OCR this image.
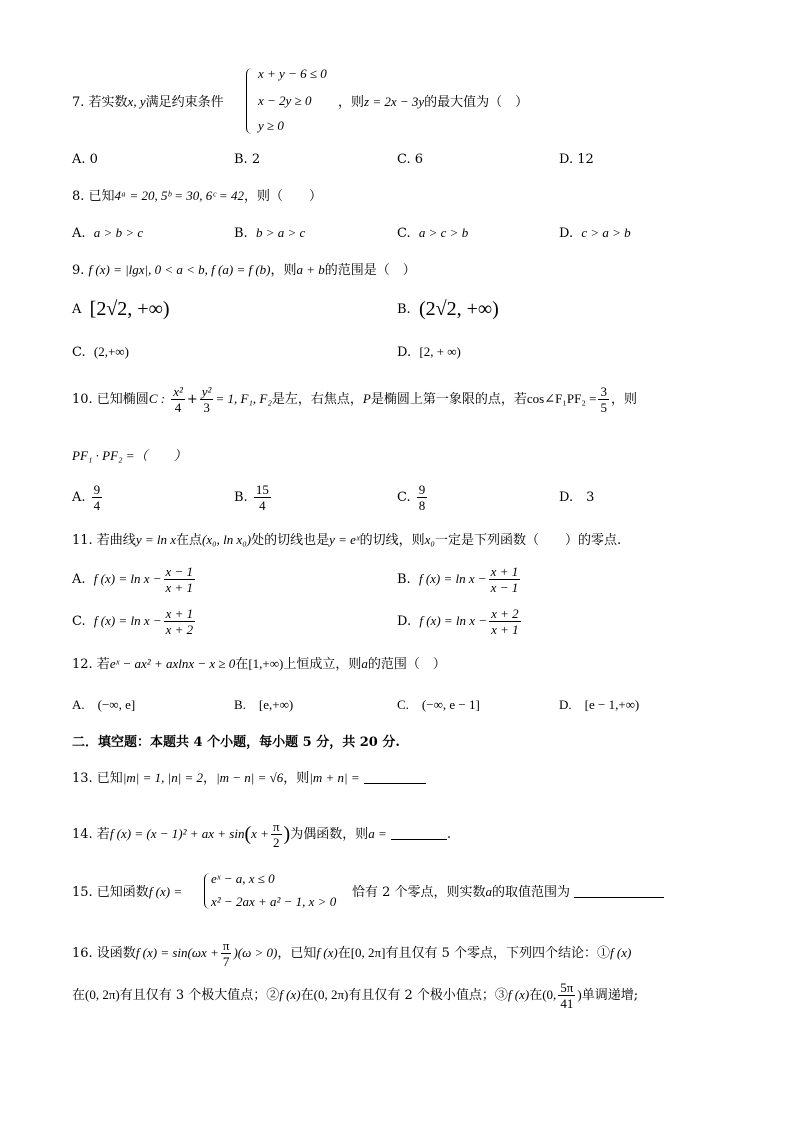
7. 若实数x, y满足约束条件
x + y − 6 ≤ 0
x − 2y ≥ 0
y ≥ 0
，则z = 2x − 3y的最大值为（　）
A. 0	B. 2	C. 6	D. 12
8. 已知4ᵃ = 20, 5ᵇ = 30, 6ᶜ = 42，则（　　）
A. a > b > c	B. b > a > c	C. a > c > b	D. c > a > b
9. f (x) = |lgx|, 0 < a < b, f (a) = f (b)，则a + b的范围是（　）
A [2√2, +∞)	B. (2√2, +∞)
C. (2,+∞)	D. [2, + ∞)
10. 已知椭圆C : $\frac{\text{x²}}{4} + \frac{\text{y²}}{3} = 1$, F₁, F₂是左，右焦点，P是椭圆上第一象限的点，若cos∠F₁PF₂ = $\frac{3}{5}$ ，则
PF₁ · PF₂ =（　　）
A. $\frac{9}{4}$	B. $\frac{15}{4}$	C. $\frac{9}{8}$	D.　3
11. 若曲线y = ln x在点(x₀, ln x₀)处的切线也是y = eˣ的切线，则x₀一定是下列函数（　　）的零点.
A. f $(x) = \ln x - \frac{x - 1}{x + 1}$	B. f $(x) = \ln x - \frac{x + 1}{x - 1}$
C. f $(x) = \ln x - \frac{x + 1}{x + 2}$	D. f $(x) = \ln x - \frac{x + 2}{x + 1}$
12. 若eˣ − ax² + axlnx − x ≥ 0在[1,+∞)上恒成立，则a的范围（　）
A.　(−∞, e]	B.　[e,+∞)	C.　(−∞, e − 1]	D.　[e − 1,+∞)
二．填空题：本题共 4 个小题，每小题 5 分，共 20 分.
13. 已知|m| = 1, |n| = 2，|m − n| = √6，则|m + n| =
14. 若f (x) = (x − 1)² + ax + $\sin(x + \frac{\pi}{2}$ )为偶函数，则a =	.
15. 已知函数f (x) =
eˣ − a, x ≤ 0
x² − 2ax + a² − 1, x > 0
恰有 2 个零点，则实数a的取值范围为
16. 设函数f $(x) = \sin(\omega x + \frac{\pi}{7} )(\omega > 0)$，已知f (x)在[0, 2π]有且仅有 5 个零点，下列四个结论：①f (x)
在(0, 2π)有且仅有 3 个极大值点；②f (x)在(0, 2π)有且仅有 2 个极小值点；③f (x)在(0, $\frac{5\pi}{41}$ )单调递增;
